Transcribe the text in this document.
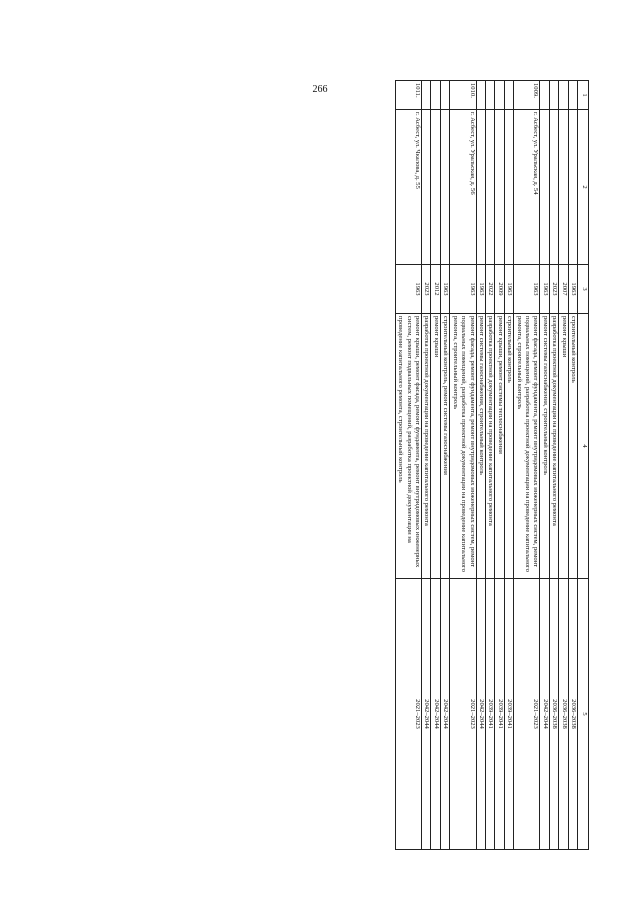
266	1	2	3	4	5
		1963	строительный контроль	2036–2038
		2007	ремонт крыши	2036–2038
		2023	разработка проектной документации на проведение капитального ремонта	2036–2038
		1963	ремонт системы газоснабжения, строительный контроль	2042–2044
1009.	г. Асбест, ул. Уральская, д. 54	1963	ремонт фасада, ремонт фундамента, ремонт внутридомовых инженерных систем, ремонт подвальных помещений, разработка проектной документации на проведение капитального ремонта, строительный контроль	2021–2023
		1963	строительный контроль	2039–2041
		2009	ремонт крыши, ремонт системы теплоснабжения	2039–2041
		2022	разработка проектной документации на проведение капитального ремонта	2039–2041
		1963	ремонт системы газоснабжения, строительный контроль	2042–2044
1010.	г. Асбест, ул. Уральская, д. 56	1963	ремонт фасада, ремонт фундамента, ремонт внутридомовых инженерных систем, ремонт подвальных помещений, разработка проектной документации на проведение капитального ремонта, строительный контроль	2021–2023
		1963	строительный контроль, ремонт системы газоснабжения	2042–2044
		2012	ремонт крыши	2042–2044
		2023	разработка проектной документации на проведение капитального ремонта	2042–2044
1011.	г. Асбест, ул. Чкалова, д. 55	1963	ремонт крыши, ремонт фасада, ремонт фундамента, ремонт внутридомовых инженерных систем, ремонт подвальных помещений, разработка проектной документации на проведение капитального ремонта, строительный контроль	2021–2023
